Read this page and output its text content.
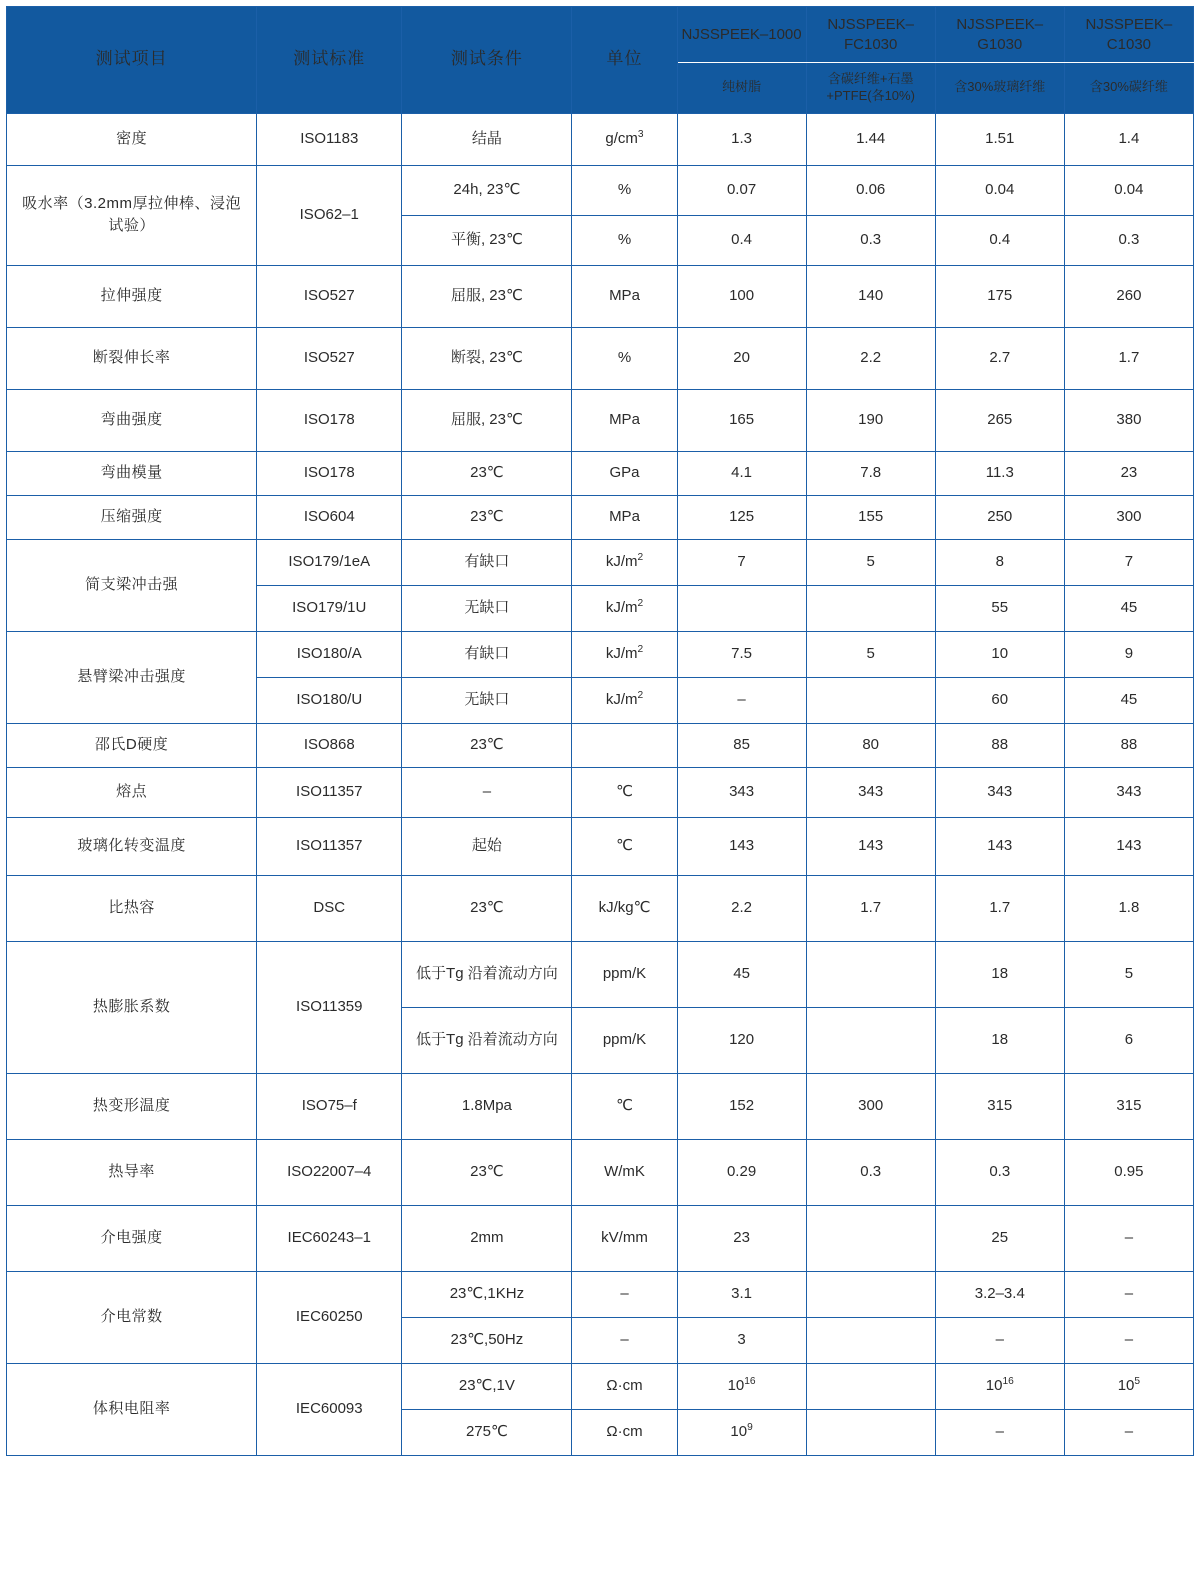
测试项目	测试标准	测试条件	单位	NJSSPEEK–1000	NJSSPEEK–FC1030	NJSSPEEK–G1030	NJSSPEEK–C1030
				纯树脂	含碳纤维+石墨+PTFE(各10%)	含30%玻璃纤维	含30%碳纤维
密度	ISO1183	结晶	$g/cm^3$	1.3	1.44	1.51	1.4
吸水率（3.2mm厚拉伸棒、浸泡试验）	ISO62–1	24h, 23℃	%	0.07	0.06	0.04	0.04
		平衡, 23℃	%	0.4	0.3	0.4	0.3
拉伸强度	ISO527	屈服, 23℃	MPa	100	140	175	260
断裂伸长率	ISO527	断裂, 23℃	%	20	2.2	2.7	1.7
弯曲强度	ISO178	屈服, 23℃	MPa	165	190	265	380
弯曲模量	ISO178	23℃	GPa	4.1	7.8	11.3	23
压缩强度	ISO604	23℃	MPa	125	155	250	300
简支梁冲击强	ISO179/1eA	有缺口	$kJ/m^2$	7	5	8	7
	ISO179/1U	无缺口	$kJ/m^2$			55	45
悬臂梁冲击强度	ISO180/A	有缺口	$kJ/m^2$	7.5	5	10	9
	ISO180/U	无缺口	$kJ/m^2$	–		60	45
邵氏D硬度	ISO868	23℃		85	80	88	88
熔点	ISO11357	–	℃	343	343	343	343
玻璃化转变温度	ISO11357	起始	℃	143	143	143	143
比热容	DSC	23℃	kJ/kg℃	2.2	1.7	1.7	1.8
热膨胀系数	ISO11359	低于Tg 沿着流动方向	ppm/K	45		18	5
		低于Tg 沿着流动方向	ppm/K	120		18	6
热变形温度	ISO75–f	1.8Mpa	℃	152	300	315	315
热导率	ISO22007–4	23℃	W/mK	0.29	0.3	0.3	0.95
介电强度	IEC60243–1	2mm	kV/mm	23		25	–
介电常数	IEC60250	23℃,1KHz	–	3.1		3.2–3.4	–
		23℃,50Hz	–	3		–	–
体积电阻率	IEC60093	23℃,1V	Ω·cm	$10^{16}$		$10^{16}$	$10^5$
		275℃	Ω·cm	$10^9$		–	–
